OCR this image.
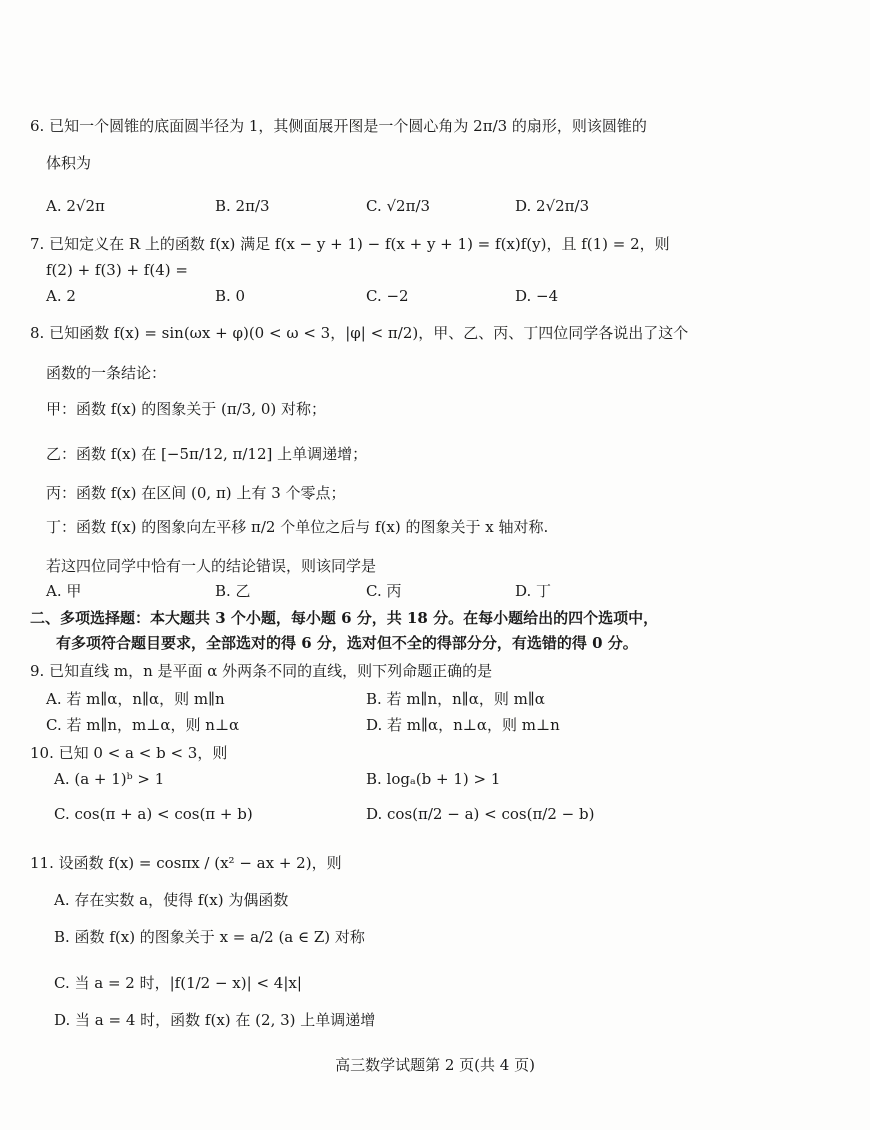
6. 已知一个圆锥的底面圆半径为 1，其侧面展开图是一个圆心角为 2π/3 的扇形，则该圆锥的
体积为
A. 2√2π	B. 2π/3	C. √2π/3	D. 2√2π/3
7. 已知定义在 R 上的函数 f(x) 满足 f(x − y + 1) − f(x + y + 1) = f(x)f(y)，且 f(1) = 2，则
f(2) + f(3) + f(4) =
A. 2	B. 0	C. −2	D. −4
8. 已知函数 f(x) = sin(ωx + φ)(0 < ω < 3，|φ| < π/2)，甲、乙、丙、丁四位同学各说出了这个
函数的一条结论：
甲：函数 f(x) 的图象关于 (π/3, 0) 对称；
乙：函数 f(x) 在 [−5π/12, π/12] 上单调递增；
丙：函数 f(x) 在区间 (0, π) 上有 3 个零点；
丁：函数 f(x) 的图象向左平移 π/2 个单位之后与 f(x) 的图象关于 x 轴对称.
若这四位同学中恰有一人的结论错误，则该同学是
A. 甲	B. 乙	C. 丙	D. 丁
二、多项选择题：本大题共 3 个小题，每小题 6 分，共 18 分。在每小题给出的四个选项中，
有多项符合题目要求，全部选对的得 6 分，选对但不全的得部分分，有选错的得 0 分。
9. 已知直线 m，n 是平面 α 外两条不同的直线，则下列命题正确的是
A. 若 m∥α，n∥α，则 m∥n	B. 若 m∥n，n∥α，则 m∥α
C. 若 m∥n，m⊥α，则 n⊥α	D. 若 m∥α，n⊥α，则 m⊥n
10. 已知 0 < a < b < 3，则
A. (a + 1)ᵇ > 1	B. logₐ(b + 1) > 1
C. cos(π + a) < cos(π + b)	D. cos(π/2 − a) < cos(π/2 − b)
11. 设函数 f(x) = cosπx / (x² − ax + 2)，则
A. 存在实数 a，使得 f(x) 为偶函数
B. 函数 f(x) 的图象关于 x = a/2 (a ∈ Z) 对称
C. 当 a = 2 时，|f(1/2 − x)| < 4|x|
D. 当 a = 4 时，函数 f(x) 在 (2, 3) 上单调递增
高三数学试题第 2 页(共 4 页)
